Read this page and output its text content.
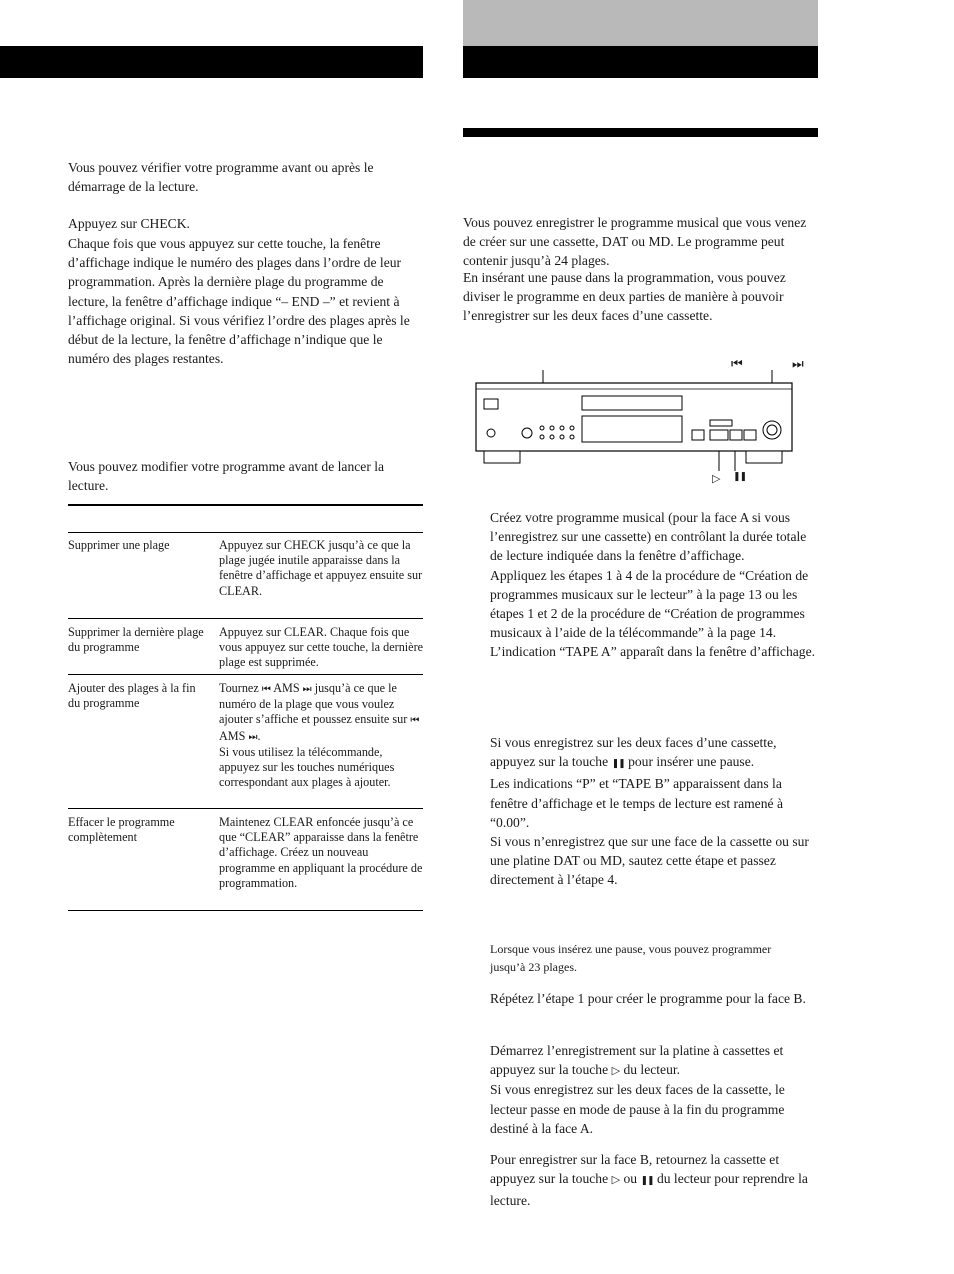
Vous pouvez vérifier votre programme avant ou après le démarrage de la lecture.

Appuyez sur CHECK.

Chaque fois que vous appuyez sur cette touche, la fenêtre d’affichage indique le numéro des plages dans l’ordre de leur programmation. Après la dernière plage du programme de lecture, la fenêtre d’affichage indique “– END –” et revient à l’affichage original. Si vous vérifiez l’ordre des plages après le début de la lecture, la fenêtre d’affichage n’indique que le numéro des plages restantes.

Vous pouvez modifier votre programme avant de lancer la lecture.

Supprimer une plage	Appuyez sur CHECK jusqu’à ce que la plage jugée inutile apparaisse dans la fenêtre d’affichage et appuyez ensuite sur CLEAR.
Supprimer la dernière plage du programme
Appuyez sur CLEAR. Chaque fois que vous appuyez sur cette touche, la dernière plage est supprimée.
Ajouter des plages à la fin du programme
Tournez ⏮ AMS ⏭ jusqu’à ce que le numéro de la plage que vous voulez ajouter s’affiche et poussez ensuite sur ⏮ AMS ⏭.
Si vous utilisez la télécommande, appuyez sur les touches numériques correspondant aux plages à ajouter.
Effacer le programme complètement
Maintenez CLEAR enfoncée jusqu’à ce que “CLEAR” apparaisse dans la fenêtre d’affichage. Créez un nouveau programme en appliquant la procédure de programmation.

Vous pouvez enregistrer le programme musical que vous venez de créer sur une cassette, DAT ou MD. Le programme peut contenir jusqu’à 24 plages.

En insérant une pause dans la programmation, vous pouvez diviser le programme en deux parties de manière à pouvoir l’enregistrer sur les deux faces d’une cassette.

⏮	⏭
▷ ❚❚

Créez votre programme musical (pour la face A si vous l’enregistrez sur une cassette) en contrôlant la durée totale de lecture indiquée dans la fenêtre d’affichage.

Appliquez les étapes 1 à 4 de la procédure de “Création de programmes musicaux sur le lecteur” à la page 13 ou les étapes 1 et 2 de la procédure de “Création de programmes musicaux à l’aide de la télécommande” à la page 14.

L’indication “TAPE A” apparaît dans la fenêtre d’affichage.

Si vous enregistrez sur les deux faces d’une cassette, appuyez sur la touche ❚❚ pour insérer une pause.

Les indications “P” et “TAPE B” apparaissent dans la fenêtre d’affichage et le temps de lecture est ramené à “0.00”.

Si vous n’enregistrez que sur une face de la cassette ou sur une platine DAT ou MD, sautez cette étape et passez directement à l’étape 4.

Lorsque vous insérez une pause, vous pouvez programmer jusqu’à 23 plages.

Répétez l’étape 1 pour créer le programme pour la face B.

Démarrez l’enregistrement sur la platine à cassettes et appuyez sur la touche ▷ du lecteur.

Si vous enregistrez sur les deux faces de la cassette, le lecteur passe en mode de pause à la fin du programme destiné à la face A.

Pour enregistrer sur la face B, retournez la cassette et appuyez sur la touche ▷ ou ❚❚ du lecteur pour reprendre la lecture.
